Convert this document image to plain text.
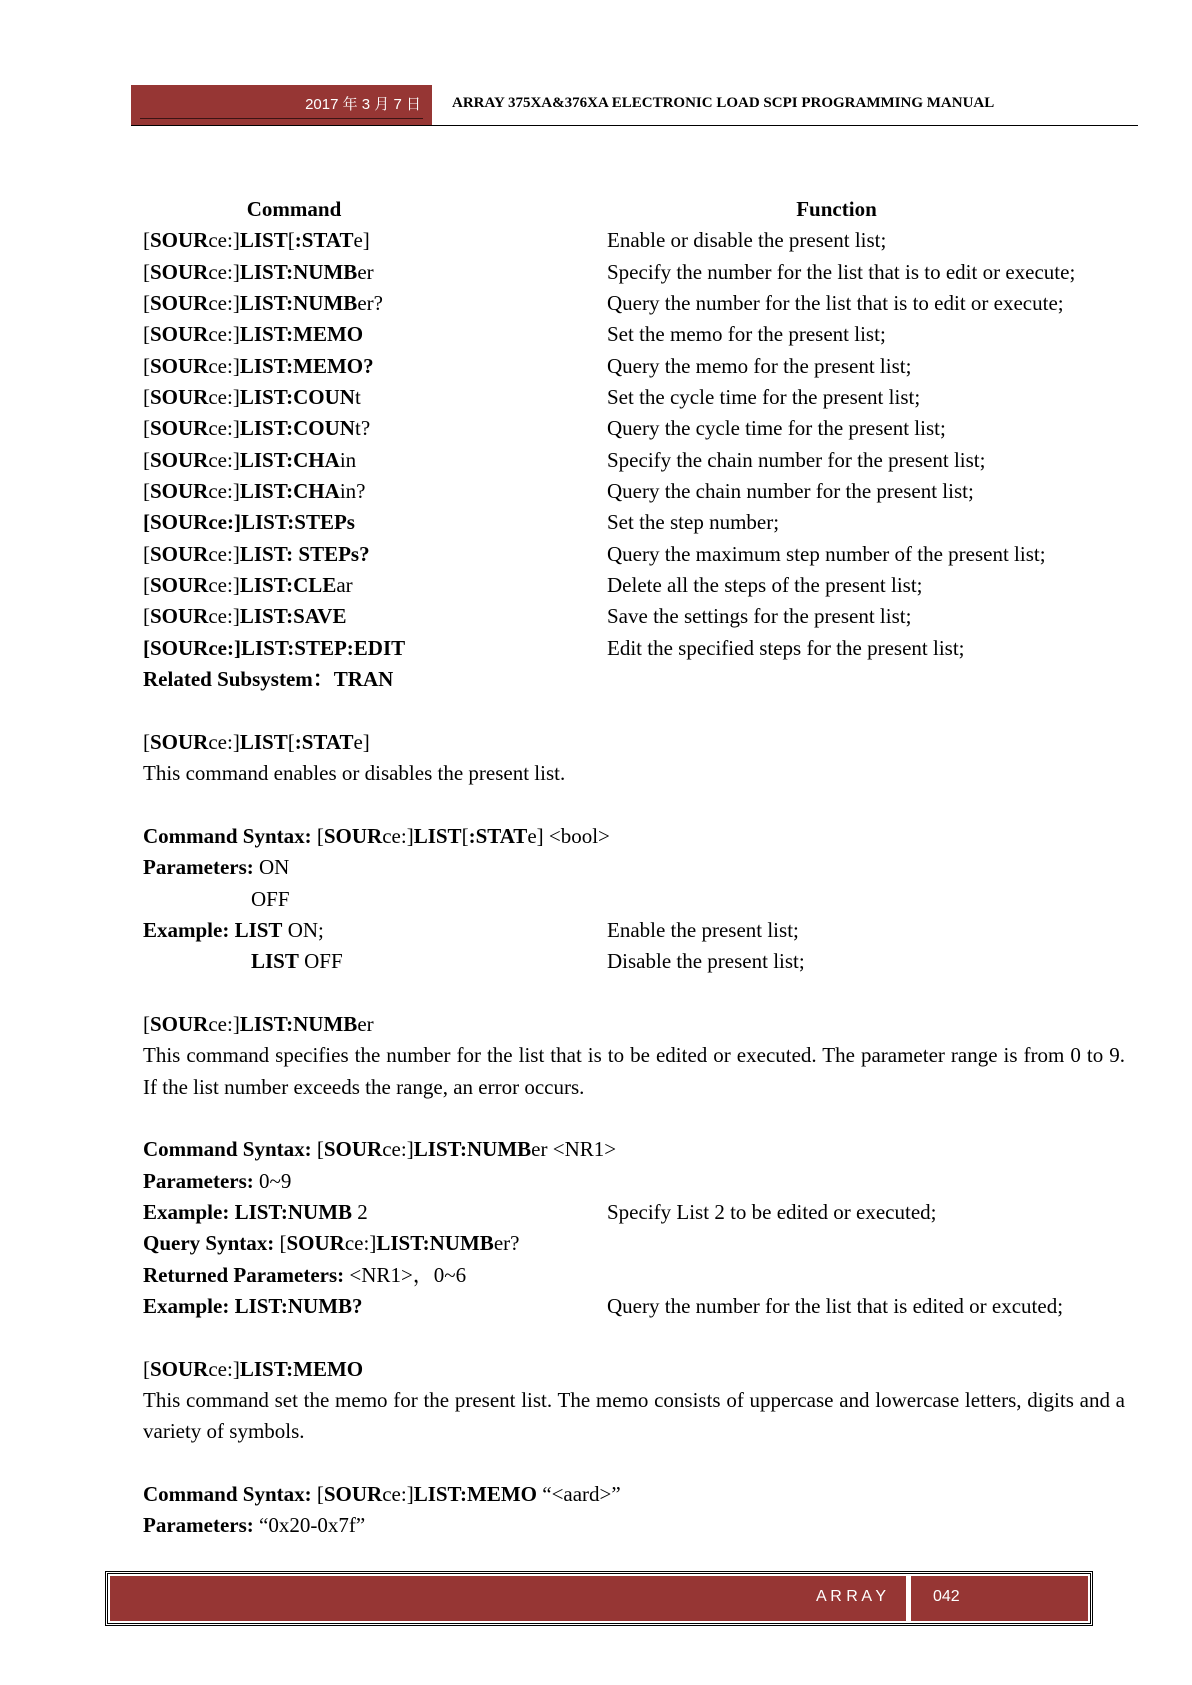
2017 年 3 月 7 日 ARRAY 375XA&376XA ELECTRONIC LOAD SCPI PROGRAMMING MANUAL
Command	Function
[SOURce:]LIST[:STATe]	Enable or disable the present list;
[SOURce:]LIST:NUMBer	Specify the number for the list that is to edit or execute;
[SOURce:]LIST:NUMBer?	Query the number for the list that is to edit or execute;
[SOURce:]LIST:MEMO	Set the memo for the present list;
[SOURce:]LIST:MEMO?	Query the memo for the present list;
[SOURce:]LIST:COUNt	Set the cycle time for the present list;
[SOURce:]LIST:COUNt?	Query the cycle time for the present list;
[SOURce:]LIST:CHAin	Specify the chain number for the present list;
[SOURce:]LIST:CHAin?	Query the chain number for the present list;
[SOURce:]LIST:STEPs	Set the step number;
[SOURce:]LIST: STEPs?	Query the maximum step number of the present list;
[SOURce:]LIST:CLEar	Delete all the steps of the present list;
[SOURce:]LIST:SAVE	Save the settings for the present list;
[SOURce:]LIST:STEP:EDIT	Edit the specified steps for the present list;
Related Subsystem：TRAN
[SOURce:]LIST[:STATe]
This command enables or disables the present list.
Command Syntax: [SOURce:]LIST[:STATe] <bool>
Parameters: ON
OFF
Example: LIST ON;	Enable the present list;
LIST OFF	Disable the present list;
[SOURce:]LIST:NUMBer
This command specifies the number for the list that is to be edited or executed. The parameter range is from 0 to 9.
If the list number exceeds the range, an error occurs.
Command Syntax: [SOURce:]LIST:NUMBer <NR1>
Parameters: 0~9
Example: LIST:NUMB 2	Specify List 2 to be edited or executed;
Query Syntax: [SOURce:]LIST:NUMBer?
Returned Parameters: <NR1>，0~6
Example: LIST:NUMB?	Query the number for the list that is edited or excuted;
[SOURce:]LIST:MEMO
This command set the memo for the present list. The memo consists of uppercase and lowercase letters, digits and a
variety of symbols.
Command Syntax: [SOURce:]LIST:MEMO “<aard>”
Parameters: “0x20-0x7f”
A R R A Y	042
